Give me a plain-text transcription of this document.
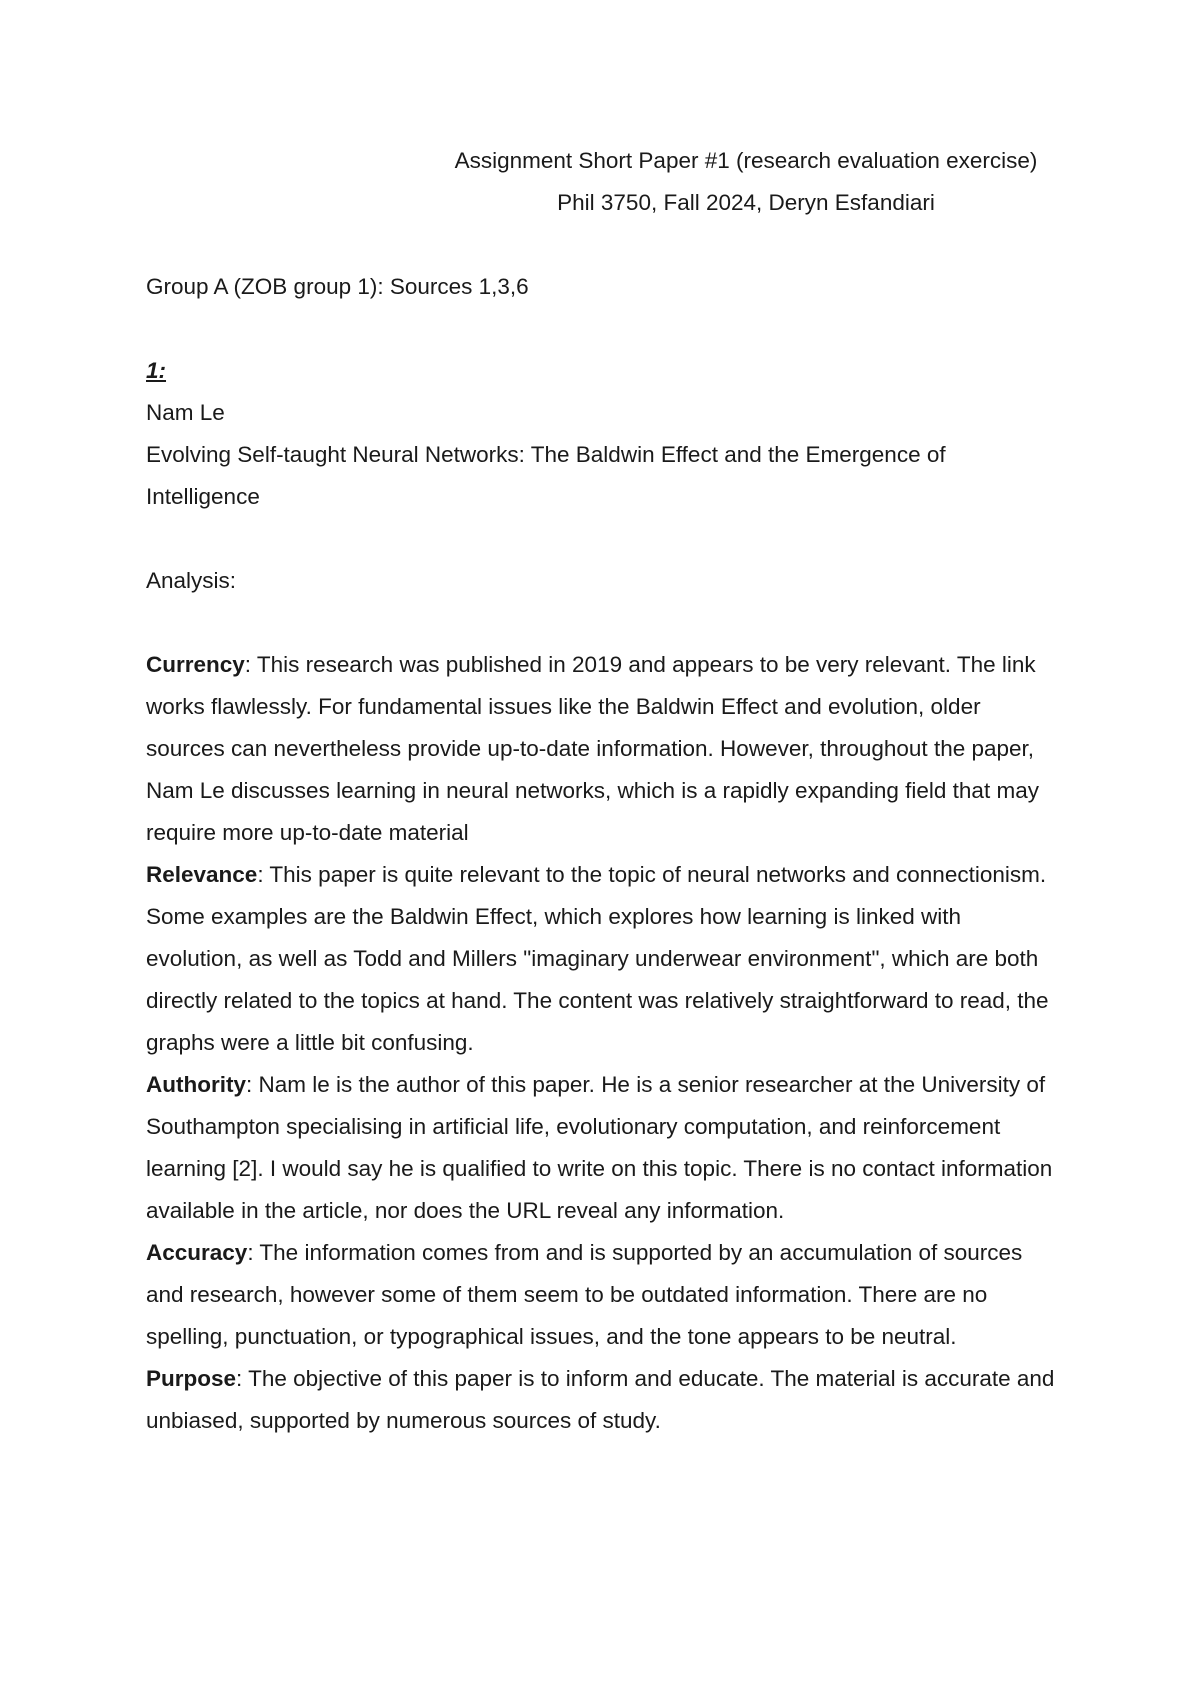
Assignment Short Paper #1 (research evaluation exercise)

Phil 3750, Fall 2024, Deryn Esfandiari

Group A (ZOB group 1): Sources 1,3,6

1:

Nam Le

Evolving Self-taught Neural Networks: The Baldwin Effect and the Emergence of Intelligence

Analysis:

Currency: This research was published in 2019 and appears to be very relevant. The link works flawlessly. For fundamental issues like the Baldwin Effect and evolution, older sources can nevertheless provide up-to-date information. However, throughout the paper, Nam Le discusses learning in neural networks, which is a rapidly expanding field that may require more up-to-date material

Relevance: This paper is quite relevant to the topic of neural networks and connectionism. Some examples are the Baldwin Effect, which explores how learning is linked with evolution, as well as Todd and Millers "imaginary underwear environment", which are both directly related to the topics at hand. The content was relatively straightforward to read, the graphs were a little bit confusing.

Authority: Nam le is the author of this paper. He is a senior researcher at the University of Southampton specialising in artificial life, evolutionary computation, and reinforcement learning [2]. I would say he is qualified to write on this topic. There is no contact information available in the article, nor does the URL reveal any information.

Accuracy: The information comes from and is supported by an accumulation of sources and research, however some of them seem to be outdated information. There are no spelling, punctuation, or typographical issues, and the tone appears to be neutral.

Purpose: The objective of this paper is to inform and educate. The material is accurate and unbiased, supported by numerous sources of study.
